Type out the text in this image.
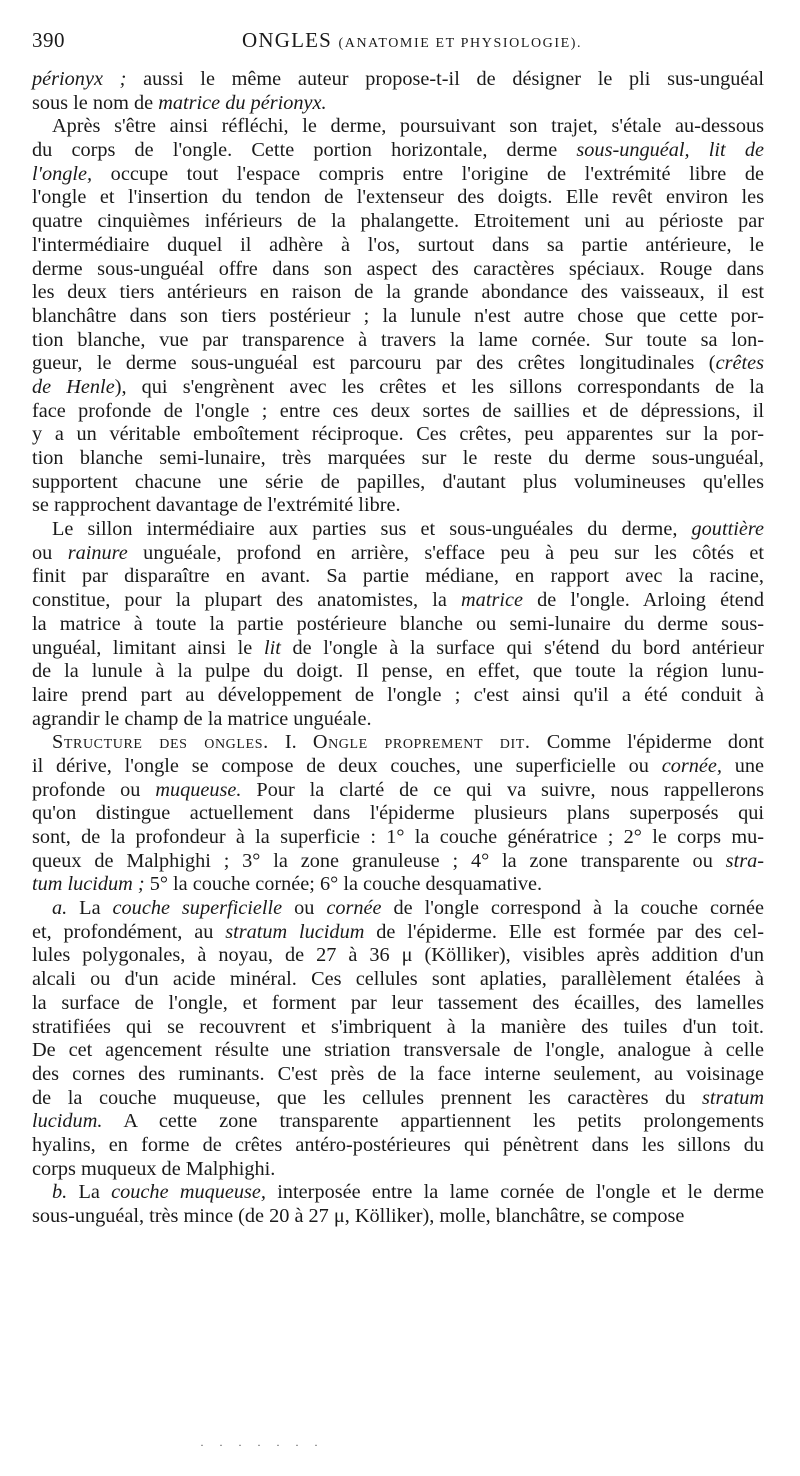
390	ONGLES (ANATOMIE ET PHYSIOLOGIE).
périonyx ; aussi le même auteur propose-t-il de désigner le pli sus-unguéal
sous le nom de matrice du périonyx.
Après s'être ainsi réfléchi, le derme, poursuivant son trajet, s'étale au-dessous
du corps de l'ongle. Cette portion horizontale, derme sous-unguéal, lit de
l'ongle, occupe tout l'espace compris entre l'origine de l'extrémité libre de
l'ongle et l'insertion du tendon de l'extenseur des doigts. Elle revêt environ les
quatre cinquièmes inférieurs de la phalangette. Etroitement uni au périoste par
l'intermédiaire duquel il adhère à l'os, surtout dans sa partie antérieure, le
derme sous-unguéal offre dans son aspect des caractères spéciaux. Rouge dans
les deux tiers antérieurs en raison de la grande abondance des vaisseaux, il est
blanchâtre dans son tiers postérieur ; la lunule n'est autre chose que cette por-
tion blanche, vue par transparence à travers la lame cornée. Sur toute sa lon-
gueur, le derme sous-unguéal est parcouru par des crêtes longitudinales (crêtes
de Henle), qui s'engrènent avec les crêtes et les sillons correspondants de la
face profonde de l'ongle ; entre ces deux sortes de saillies et de dépressions, il
y a un véritable emboîtement réciproque. Ces crêtes, peu apparentes sur la por-
tion blanche semi-lunaire, très marquées sur le reste du derme sous-unguéal,
supportent chacune une série de papilles, d'autant plus volumineuses qu'elles
se rapprochent davantage de l'extrémité libre.
Le sillon intermédiaire aux parties sus et sous-unguéales du derme, gouttière
ou rainure unguéale, profond en arrière, s'efface peu à peu sur les côtés et
finit par disparaître en avant. Sa partie médiane, en rapport avec la racine,
constitue, pour la plupart des anatomistes, la matrice de l'ongle. Arloing étend
la matrice à toute la partie postérieure blanche ou semi-lunaire du derme sous-
unguéal, limitant ainsi le lit de l'ongle à la surface qui s'étend du bord antérieur
de la lunule à la pulpe du doigt. Il pense, en effet, que toute la région lunu-
laire prend part au développement de l'ongle ; c'est ainsi qu'il a été conduit à
agrandir le champ de la matrice unguéale.
Structure des ongles. I. Ongle proprement dit. Comme l'épiderme dont
il dérive, l'ongle se compose de deux couches, une superficielle ou cornée, une
profonde ou muqueuse. Pour la clarté de ce qui va suivre, nous rappellerons
qu'on distingue actuellement dans l'épiderme plusieurs plans superposés qui
sont, de la profondeur à la superficie : 1° la couche génératrice ; 2° le corps mu-
queux de Malphighi ; 3° la zone granuleuse ; 4° la zone transparente ou stra-
tum lucidum ; 5° la couche cornée; 6° la couche desquamative.
a. La couche superficielle ou cornée de l'ongle correspond à la couche cornée
et, profondément, au stratum lucidum de l'épiderme. Elle est formée par des cel-
lules polygonales, à noyau, de 27 à 36 μ (Kölliker), visibles après addition d'un
alcali ou d'un acide minéral. Ces cellules sont aplaties, parallèlement étalées à
la surface de l'ongle, et forment par leur tassement des écailles, des lamelles
stratifiées qui se recouvrent et s'imbriquent à la manière des tuiles d'un toit.
De cet agencement résulte une striation transversale de l'ongle, analogue à celle
des cornes des ruminants. C'est près de la face interne seulement, au voisinage
de la couche muqueuse, que les cellules prennent les caractères du stratum
lucidum. A cette zone transparente appartiennent les petits prolongements
hyalins, en forme de crêtes antéro-postérieures qui pénètrent dans les sillons du
corps muqueux de Malphighi.
b. La couche muqueuse, interposée entre la lame cornée de l'ongle et le derme
sous-unguéal, très mince (de 20 à 27 μ, Kölliker), molle, blanchâtre, se compose
· · · · · · ·
